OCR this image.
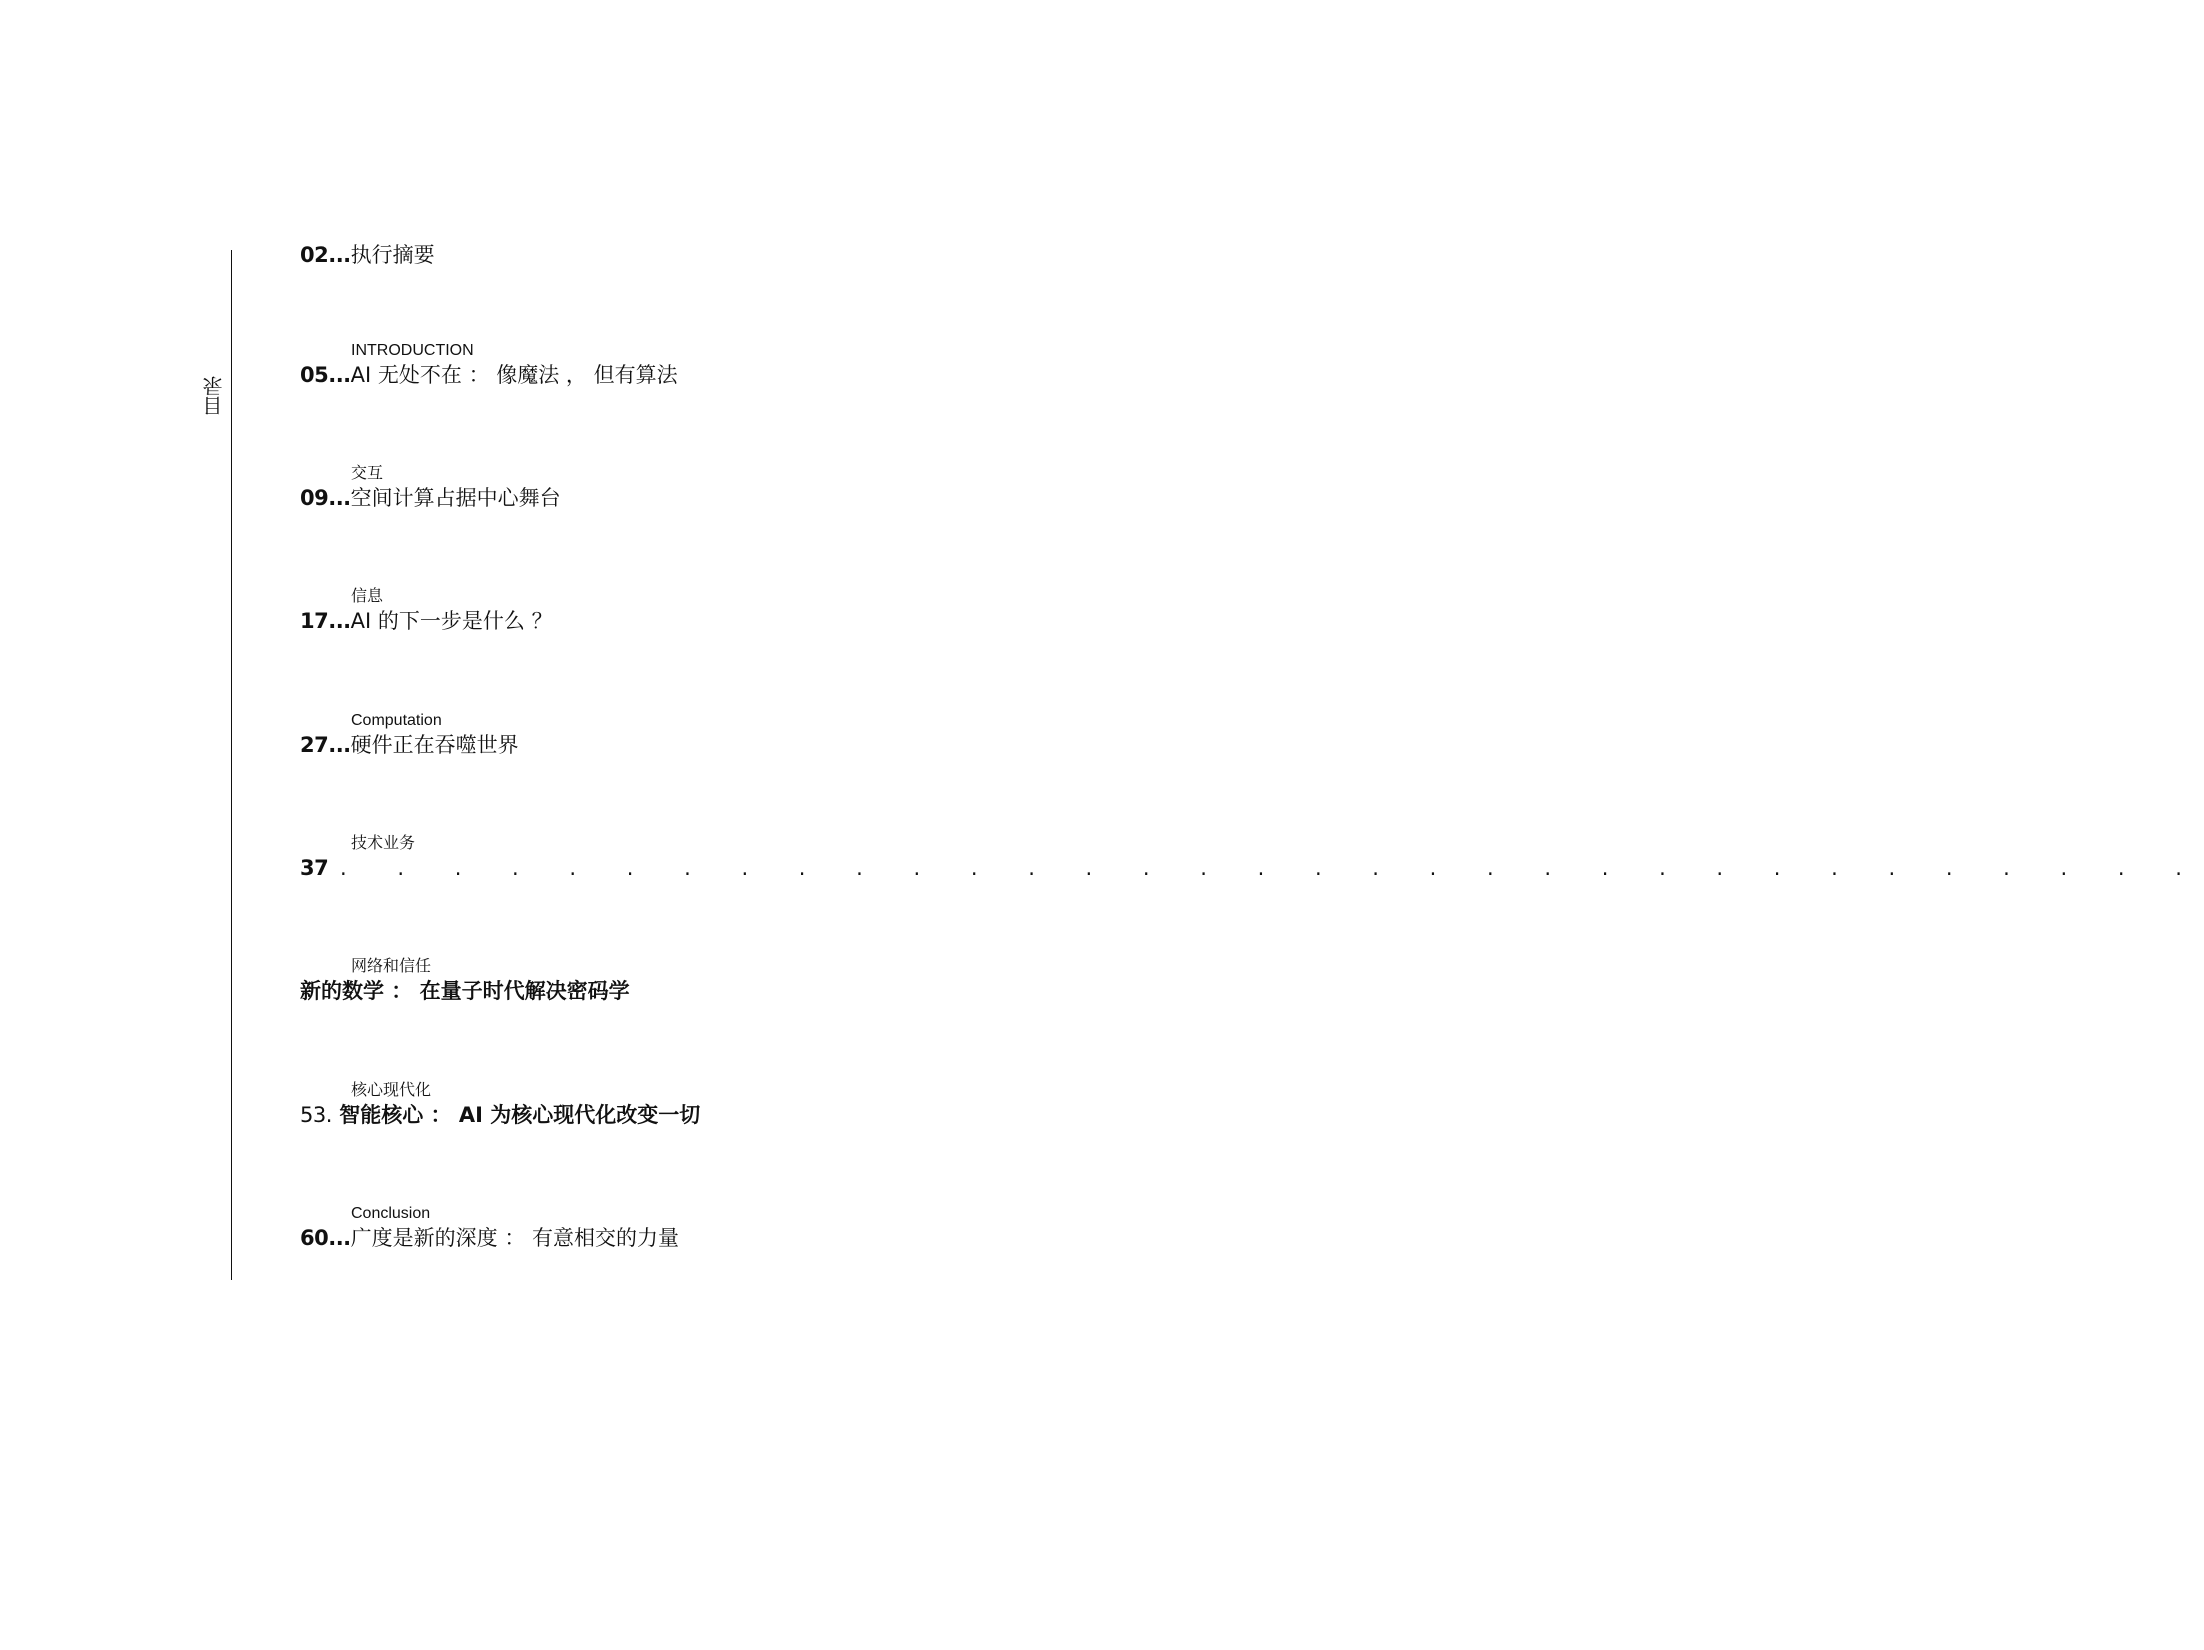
目录
02...执行摘要
INTRODUCTION
05...AI 无处不在 ： 像魔法 ， 但有算法
交互
09...空间计算占据中心舞台
信息
17...AI 的下一步是什么 ？
Computation
27...硬件正在吞噬世界
技术业务
37 . . . . . . . . . . . . . . . . . . . . . . . . . . . . . . . . .
网络和信任
新的数学 ： 在量子时代解决密码学
核心现代化
53. 智能核心 ： AI 为核心现代化改变一切
Conclusion
60...广度是新的深度 ： 有意相交的力量
